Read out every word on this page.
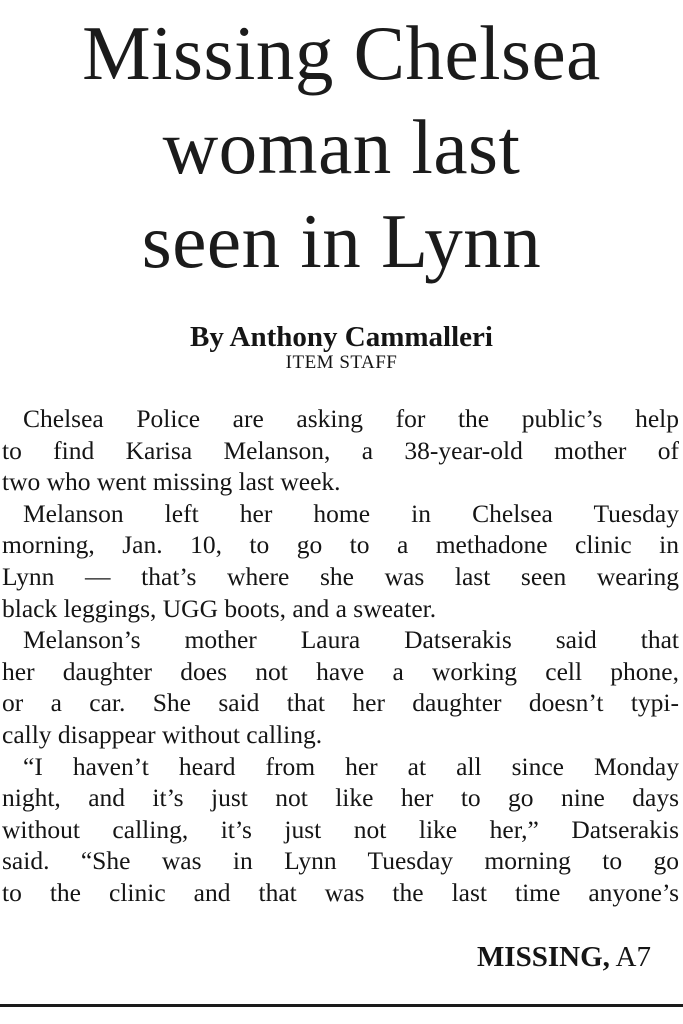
Missing Chelsea
woman last
seen in Lynn
By Anthony Cammalleri
ITEM STAFF
Chelsea Police are asking for the public’s help
to find Karisa Melanson, a 38-year-old mother of
two who went missing last week.
Melanson left her home in Chelsea Tuesday
morning, Jan. 10, to go to a methadone clinic in
Lynn — that’s where she was last seen wearing
black leggings, UGG boots, and a sweater.
Melanson’s mother Laura Datserakis said that
her daughter does not have a working cell phone,
or a car. She said that her daughter doesn’t typi-
cally disappear without calling.
“I haven’t heard from her at all since Monday
night, and it’s just not like her to go nine days
without calling, it’s just not like her,” Datserakis
said. “She was in Lynn Tuesday morning to go
to the clinic and that was the last time anyone’s
MISSING, A7
